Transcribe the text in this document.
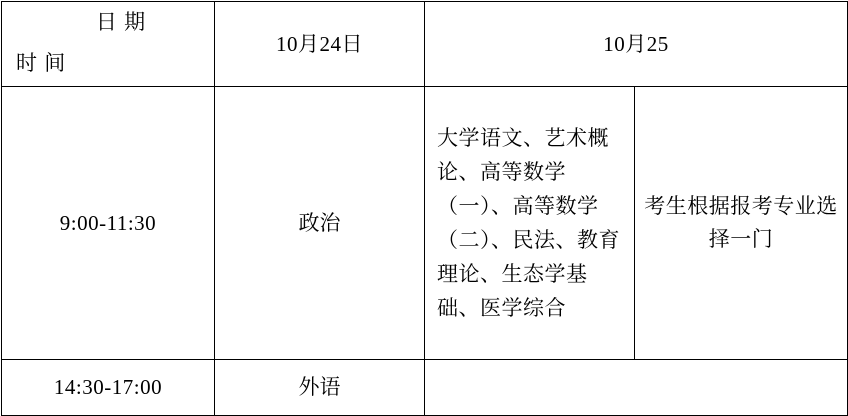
日 期
时 间	10月24日	10月25	
9:00-11:30	政治	大学语文、艺术概论、高等数学（一）、高等数学（二）、民法、教育理论、生态学基础、医学综合	考生根据报考专业选择一门
14:30-17:00	外语		
